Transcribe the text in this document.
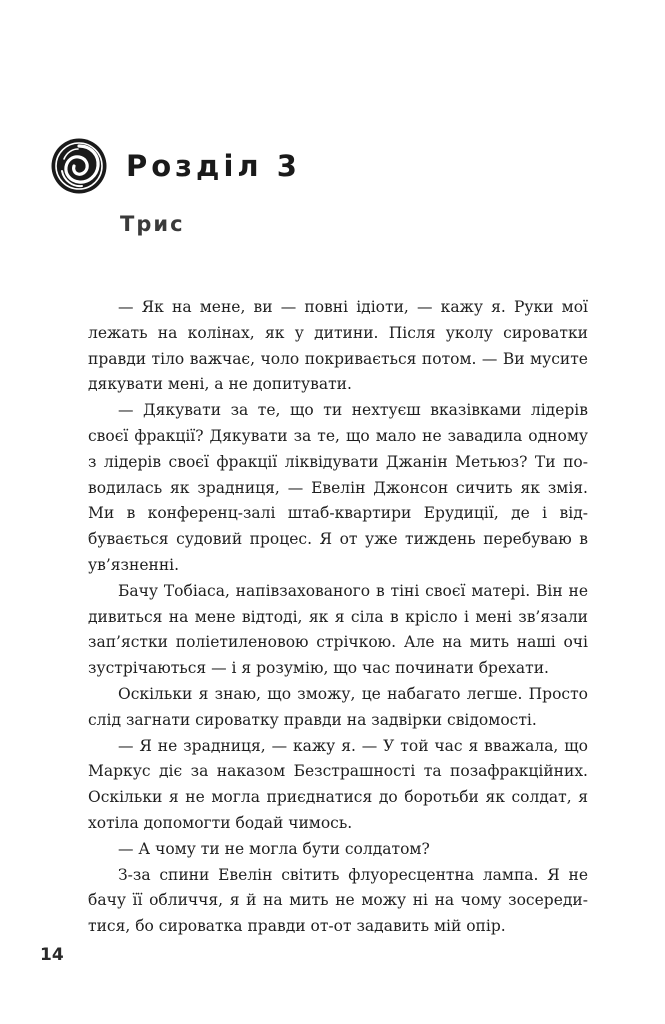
Розділ 3
Трис

— Як на мене, ви — повні ідіоти, — кажу я. Руки мої лежать на колінах, як у дитини. Після уколу сироватки правди тіло важчає, чоло покривається потом. — Ви мусите дякувати мені, а не допитувати.

— Дякувати за те, що ти нехтуєш вказівками лідерів своєї фракції? Дякувати за те, що мало не завадила одному з лідерів своєї фракції ліквідувати Джанін Метьюз? Ти поводилась як зрадниця, — Евелін Джонсон сичить як змія. Ми в конференц-залі штаб-квартири Ерудиції, де і відбувається судовий процес. Я от уже тиждень перебуваю в ув’язненні.

Бачу Тобіаса, напівзахованого в тіні своєї матері. Він не дивиться на мене відтоді, як я сіла в крісло і мені зв’язали зап’ястки поліетиленовою стрічкою. Але на мить наші очі зустрічаються — і я розумію, що час починати брехати.

Оскільки я знаю, що зможу, це набагато легше. Просто слід загнати сироватку правди на задвірки свідомості.

— Я не зрадниця, — кажу я. — У той час я вважала, що Маркус діє за наказом Безстрашності та позафракційних. Оскільки я не могла приєднатися до боротьби як солдат, я хотіла допомогти бодай чимось.

— А чому ти не могла бути солдатом?

З-за спини Евелін світить флуоресцентна лампа. Я не бачу її обличчя, я й на мить не можу ні на чому зосередитися, бо сироватка правди от-от задавить мій опір.

14
